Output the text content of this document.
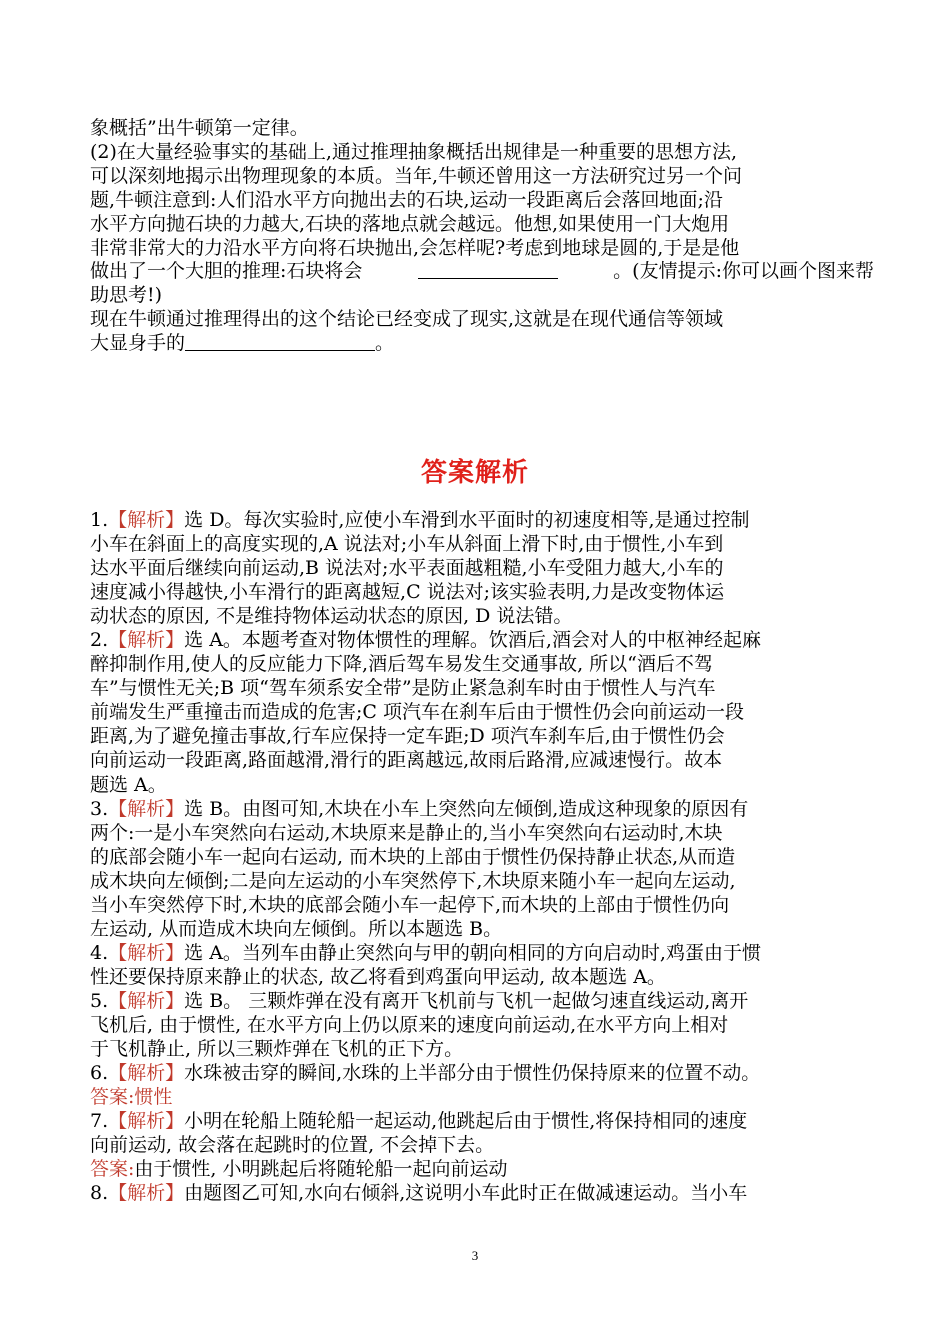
象概括”出牛顿第一定律。
(2)在大量经验事实的基础上,通过推理抽象概括出规律是一种重要的思想方法,
可以深刻地揭示出物理现象的本质。当年,牛顿还曾用这一方法研究过另一个问
题,牛顿注意到:人们沿水平方向抛出去的石块,运动一段距离后会落回地面;沿
水平方向抛石块的力越大,石块的落地点就会越远。他想,如果使用一门大炮用
非常非常大的力沿水平方向将石块抛出,会怎样呢?考虑到地球是圆的,于是是他
做出了一个大胆的推理:石块将会	。(友情提示:你可以画个图来帮
助思考!)
现在牛顿通过推理得出的这个结论已经变成了现实,这就是在现代通信等领域
大显身手的	。
答案解析
1.【解析】选 D。每次实验时,应使小车滑到水平面时的初速度相等,是通过控制
小车在斜面上的高度实现的,A 说法对;小车从斜面上滑下时,由于惯性,小车到
达水平面后继续向前运动,B 说法对;水平表面越粗糙,小车受阻力越大,小车的
速度减小得越快,小车滑行的距离越短,C 说法对;该实验表明,力是改变物体运
动状态的原因, 不是维持物体运动状态的原因, D 说法错。
2. 【解析】 选 A。本题考查对物体惯性的理解。饮酒后,酒会对人的中枢神经起麻
醉抑制作用,使人的反应能力下降,酒后驾车易发生交通事故, 所以“酒后不驾
车”与惯性无关;B 项“驾车须系安全带”是防止紧急刹车时由于惯性人与汽车
前端发生严重撞击而造成的危害;C 项汽车在刹车后由于惯性仍会向前运动一段
距离,为了避免撞击事故,行车应保持一定车距;D 项汽车刹车后,由于惯性仍会
向前运动一段距离,路面越滑,滑行的距离越远,故雨后路滑,应减速慢行。故本
题选 A。
3. 【解析】 选 B。由图可知,木块在小车上突然向左倾倒,造成这种现象的原因有
两个:一是小车突然向右运动,木块原来是静止的,当小车突然向右运动时,木块
的底部会随小车一起向右运动, 而木块的上部由于惯性仍保持静止状态,从而造
成木块向左倾倒;二是向左运动的小车突然停下,木块原来随小车一起向左运动,
当小车突然停下时,木块的底部会随小车一起停下,而木块的上部由于惯性仍向
左运动, 从而造成木块向左倾倒。所以本题选 B。
4. 【解析】 选 A。当列车由静止突然向与甲的朝向相同的方向启动时,鸡蛋由于惯
性还要保持原来静止的状态, 故乙将看到鸡蛋向甲运动, 故本题选 A。
5. 【解析】 选 B。 三颗炸弹在没有离开飞机前与飞机一起做匀速直线运动,离开
飞机后, 由于惯性, 在水平方向上仍以原来的速度向前运动,在水平方向上相对
于飞机静止, 所以三颗炸弹在飞机的正下方。
6. 【解析】 水珠被击穿的瞬间,水珠的上半部分由于惯性仍保持原来的位置不动。
答案: 惯性
7. 【解析】 小明在轮船上随轮船一起运动,他跳起后由于惯性,将保持相同的速度
向前运动, 故会落在起跳时的位置, 不会掉下去。
答案: 由于惯性, 小明跳起后将随轮船一起向前运动
8. 【解析】 由题图乙可知,水向右倾斜,这说明小车此时正在做减速运动。当小车
3
